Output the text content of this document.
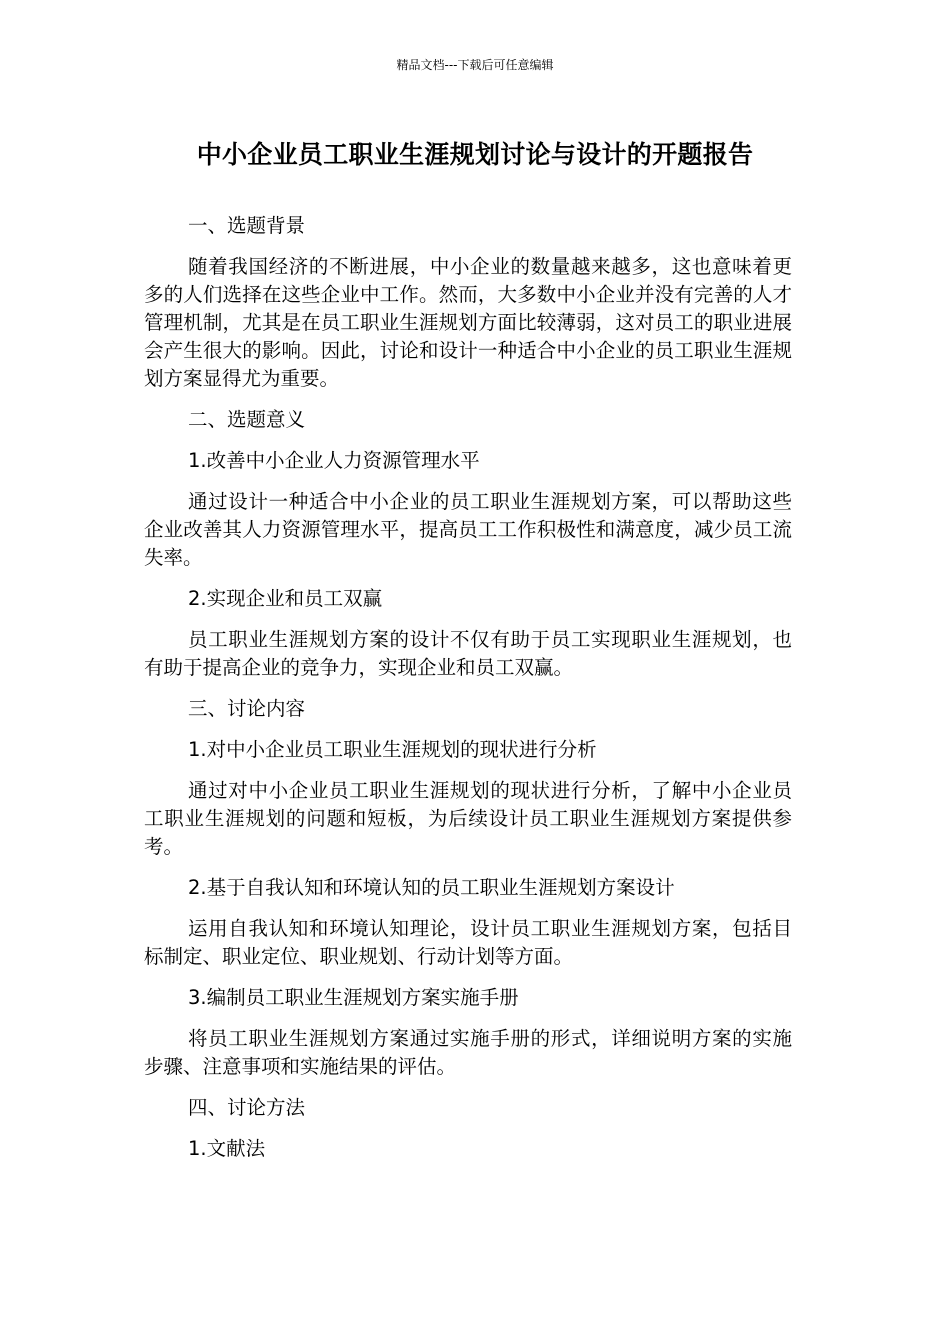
精品文档---下载后可任意编辑
中小企业员工职业生涯规划讨论与设计的开题报告

一、选题背景

随着我国经济的不断进展，中小企业的数量越来越多，这也意味着更多的人们选择在这些企业中工作。然而，大多数中小企业并没有完善的人才管理机制，尤其是在员工职业生涯规划方面比较薄弱，这对员工的职业进展会产生很大的影响。因此，讨论和设计一种适合中小企业的员工职业生涯规划方案显得尤为重要。

二、选题意义

1.改善中小企业人力资源管理水平

通过设计一种适合中小企业的员工职业生涯规划方案，可以帮助这些企业改善其人力资源管理水平，提高员工工作积极性和满意度，减少员工流失率。

2.实现企业和员工双赢

员工职业生涯规划方案的设计不仅有助于员工实现职业生涯规划，也有助于提高企业的竞争力，实现企业和员工双赢。

三、讨论内容

1.对中小企业员工职业生涯规划的现状进行分析

通过对中小企业员工职业生涯规划的现状进行分析，了解中小企业员工职业生涯规划的问题和短板，为后续设计员工职业生涯规划方案提供参考。

2.基于自我认知和环境认知的员工职业生涯规划方案设计

运用自我认知和环境认知理论，设计员工职业生涯规划方案，包括目标制定、职业定位、职业规划、行动计划等方面。

3.编制员工职业生涯规划方案实施手册

将员工职业生涯规划方案通过实施手册的形式，详细说明方案的实施步骤、注意事项和实施结果的评估。

四、讨论方法

1.文献法
